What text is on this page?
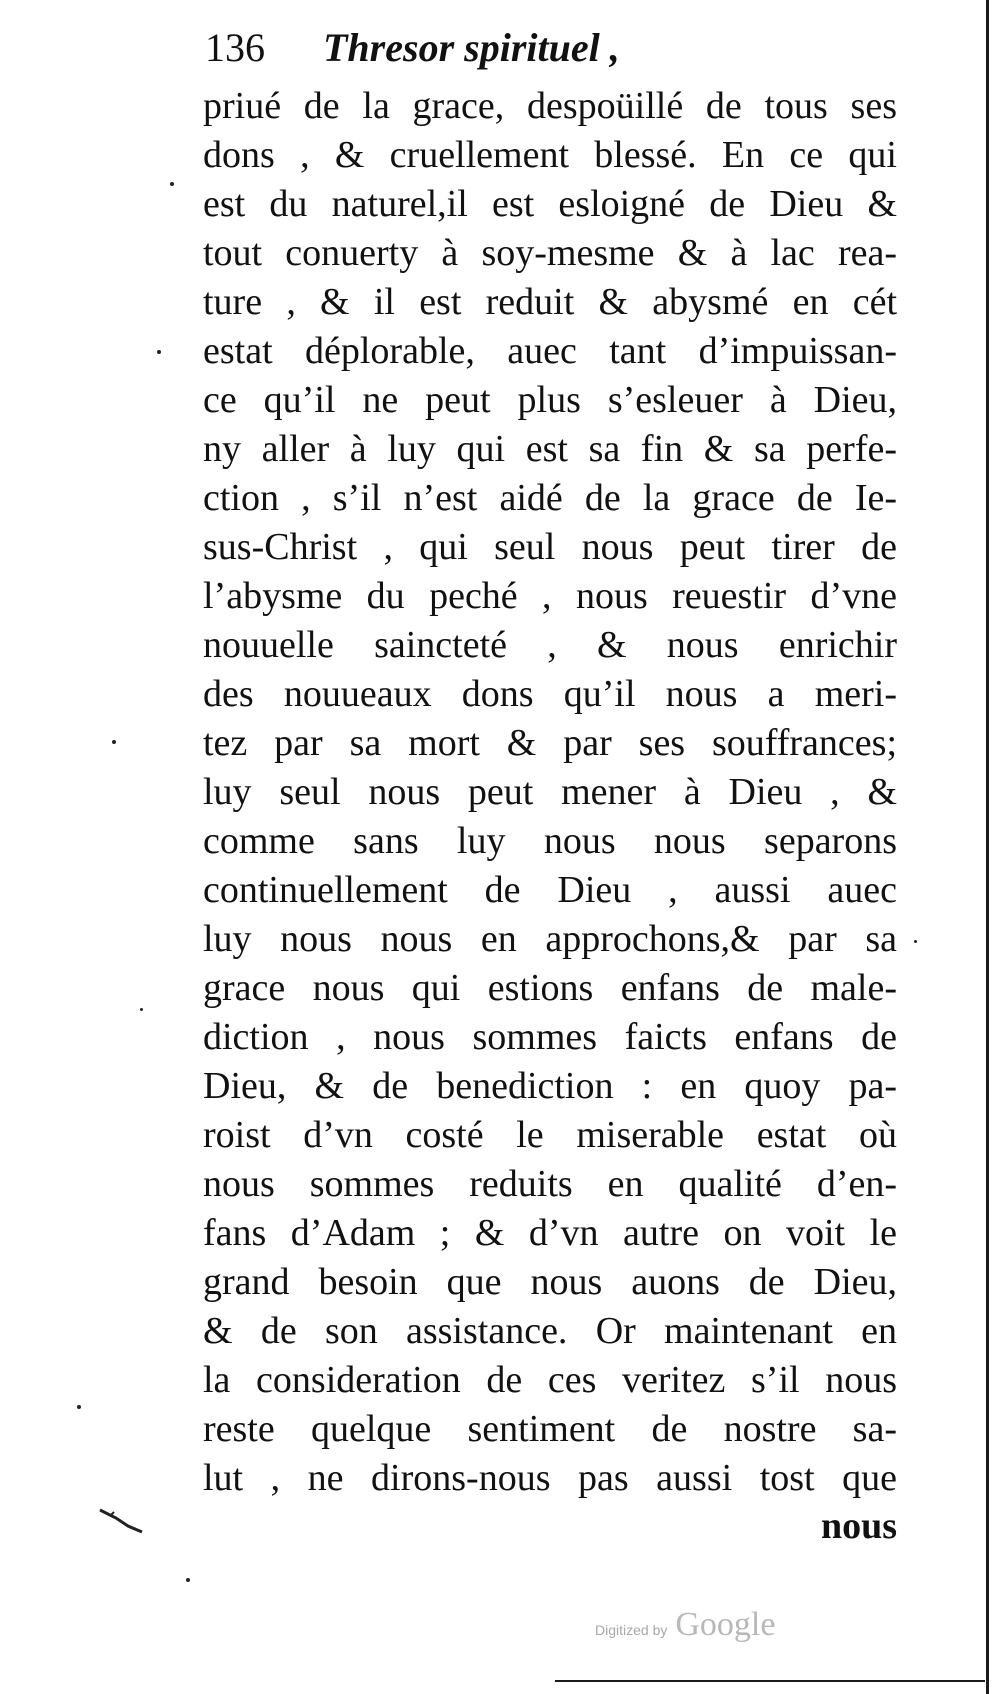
136 Thresor spirituel ,
priué de la grace, despoüillé de tous ses
dons , & cruellement blessé. En ce qui
est du naturel,il est esloigné de Dieu &
tout conuerty à soy-mesme & à lac rea-
ture , & il est reduit & abysmé en cét
estat déplorable, auec tant d’impuissan-
ce qu’il ne peut plus s’esleuer à Dieu,
ny aller à luy qui est sa fin & sa perfe-
ction , s’il n’est aidé de la grace de Ie-
sus-Christ , qui seul nous peut tirer de
l’abysme du peché , nous reuestir d’vne
nouuelle saincteté , & nous enrichir
des nouueaux dons qu’il nous a meri-
tez par sa mort & par ses souffrances;
luy seul nous peut mener à Dieu , &
comme sans luy nous nous separons
continuellement de Dieu , aussi auec
luy nous nous en approchons,& par sa
grace nous qui estions enfans de male-
diction , nous sommes faicts enfans de
Dieu, & de benediction : en quoy pa-
roist d’vn costé le miserable estat où
nous sommes reduits en qualité d’en-
fans d’Adam ; & d’vn autre on voit le
grand besoin que nous auons de Dieu,
& de son assistance. Or maintenant en
la consideration de ces veritez s’il nous
reste quelque sentiment de nostre sa-
lut , ne dirons-nous pas aussi tost que
nous
Digitized by Google
